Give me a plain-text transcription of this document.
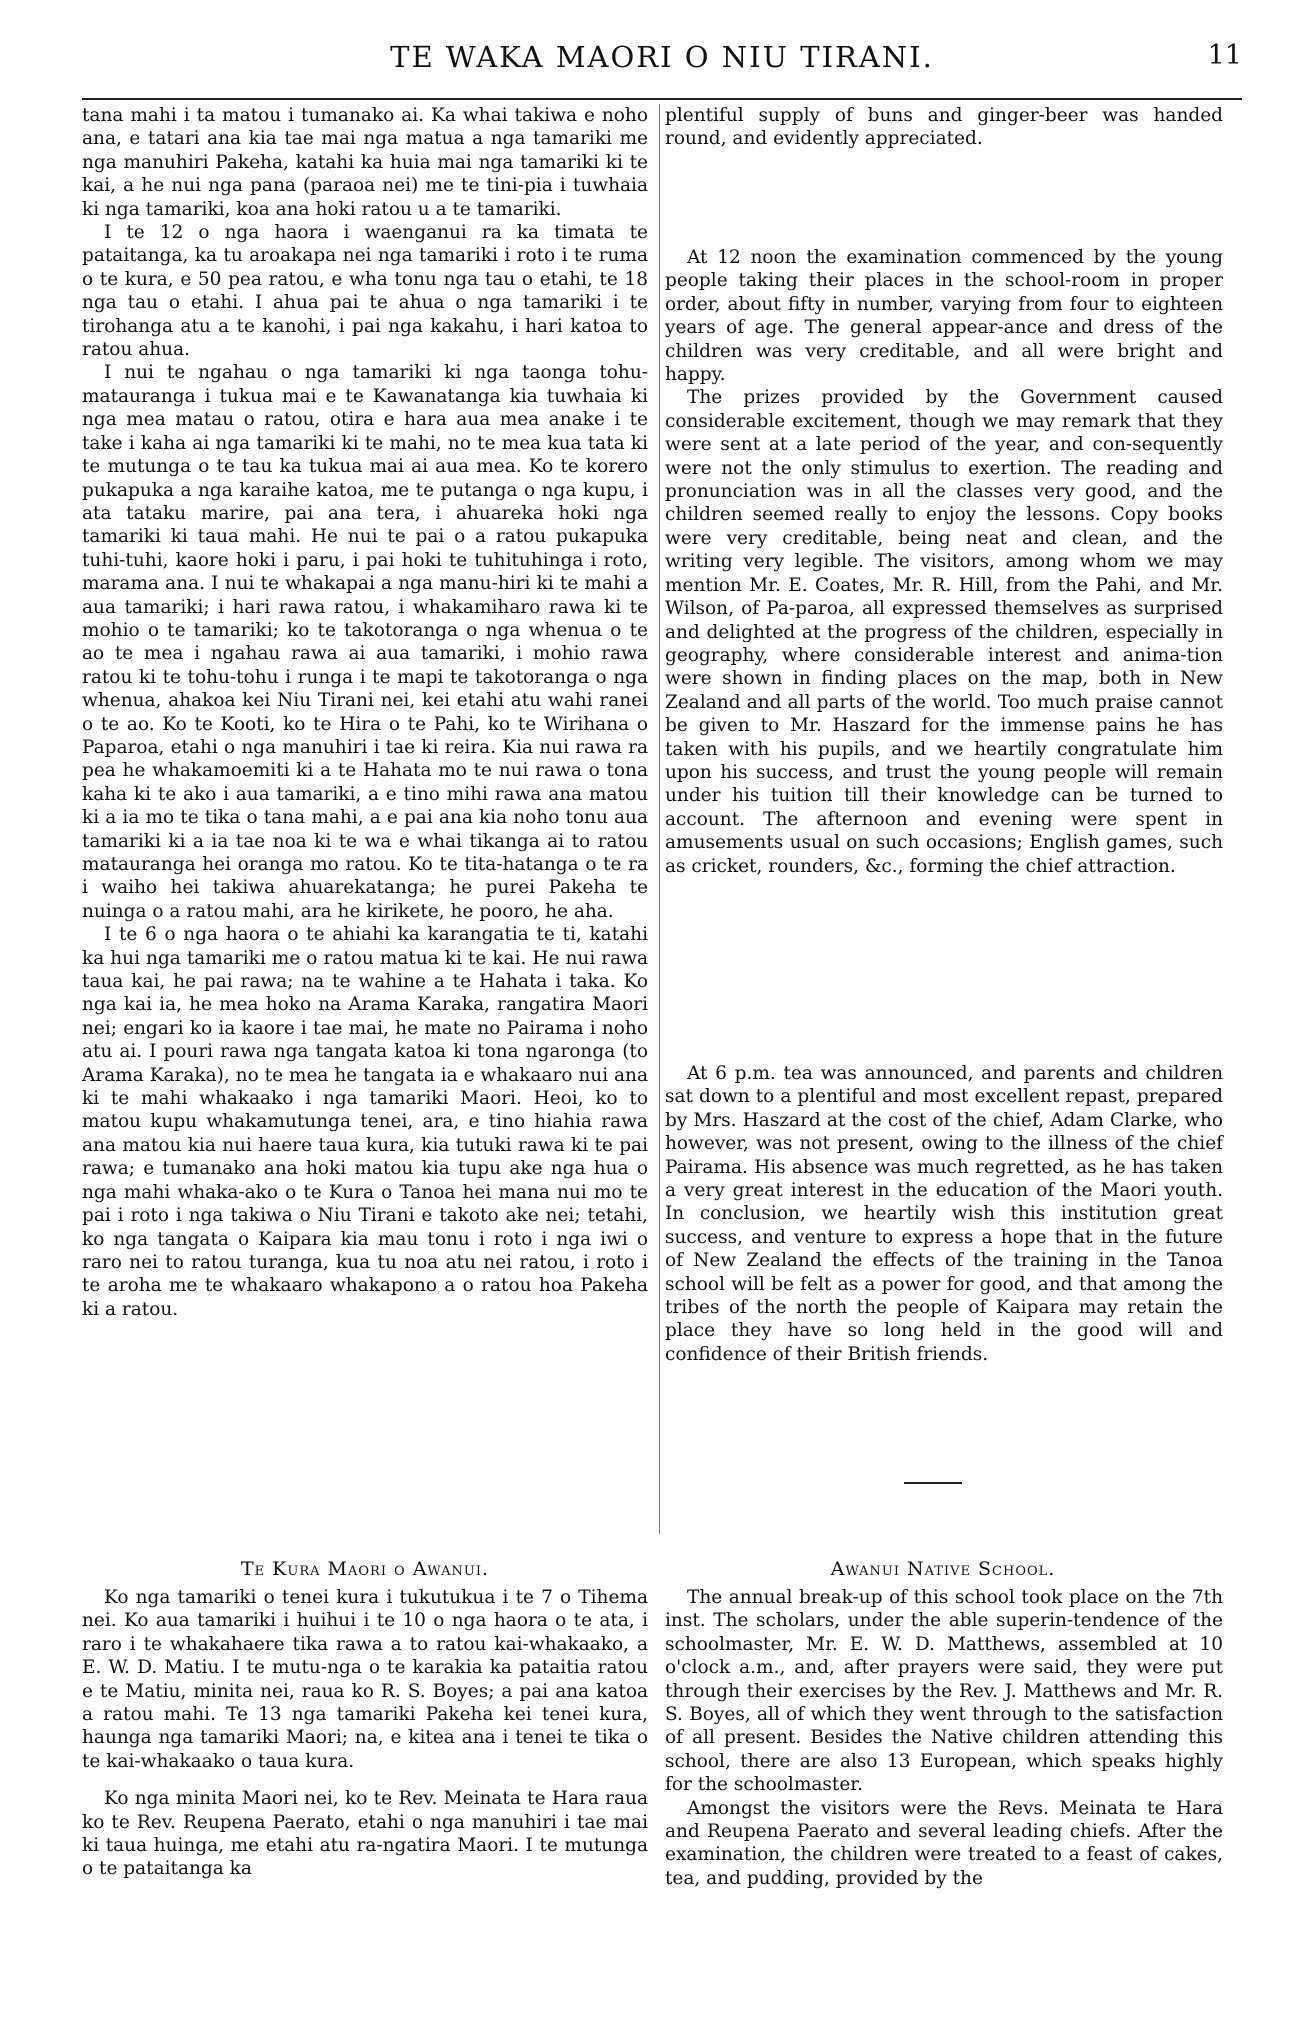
TE WAKA MAORI O NIU TIRANI.	11

tana mahi i ta matou i tumanako ai. Ka whai takiwa e noho ana, e tatari ana kia tae mai nga matua a nga tamariki me nga manuhiri Pakeha, katahi ka huia mai nga tamariki ki te kai, a he nui nga pana (paraoa nei) me te tini-pia i tuwhaia ki nga tamariki, koa ana hoki ratou u a te tamariki.

I te 12 o nga haora i waenganui ra ka timata te pataitanga, ka tu aroakapa nei nga tamariki i roto i te ruma o te kura, e 50 pea ratou, e wha tonu nga tau o etahi, te 18 nga tau o etahi. I ahua pai te ahua o nga tamariki i te tirohanga atu a te kanohi, i pai nga kakahu, i hari katoa to ratou ahua.

I nui te ngahau o nga tamariki ki nga taonga tohu-matauranga i tukua mai e te Kawanatanga kia tuwhaia ki nga mea matau o ratou, otira e hara aua mea anake i te take i kaha ai nga tamariki ki te mahi, no te mea kua tata ki te mutunga o te tau ka tukua mai ai aua mea. Ko te korero pukapuka a nga karaihe katoa, me te putanga o nga kupu, i ata tataku marire, pai ana tera, i ahuareka hoki nga tamariki ki taua mahi. He nui te pai o a ratou pukapuka tuhi-tuhi, kaore hoki i paru, i pai hoki te tuhituhinga i roto, marama ana. I nui te whakapai a nga manu-hiri ki te mahi a aua tamariki; i hari rawa ratou, i whakamiharo rawa ki te mohio o te tamariki; ko te takotoranga o nga whenua o te ao te mea i ngahau rawa ai aua tamariki, i mohio rawa ratou ki te tohu-tohu i runga i te mapi te takotoranga o nga whenua, ahakoa kei Niu Tirani nei, kei etahi atu wahi ranei o te ao. Ko te Kooti, ko te Hira o te Pahi, ko te Wirihana o Paparoa, etahi o nga manuhiri i tae ki reira. Kia nui rawa ra pea he whakamoemiti ki a te Hahata mo te nui rawa o tona kaha ki te ako i aua tamariki, a e tino mihi rawa ana matou ki a ia mo te tika o tana mahi, a e pai ana kia noho tonu aua tamariki ki a ia tae noa ki te wa e whai tikanga ai to ratou matauranga hei oranga mo ratou. Ko te tita-hatanga o te ra i waiho hei takiwa ahuarekatanga; he purei Pakeha te nuinga o a ratou mahi, ara he kirikete, he pooro, he aha.

I te 6 o nga haora o te ahiahi ka karangatia te ti, katahi ka hui nga tamariki me o ratou matua ki te kai. He nui rawa taua kai, he pai rawa; na te wahine a te Hahata i taka. Ko nga kai ia, he mea hoko na Arama Karaka, rangatira Maori nei; engari ko ia kaore i tae mai, he mate no Pairama i noho atu ai. I pouri rawa nga tangata katoa ki tona ngaronga (to Arama Karaka), no te mea he tangata ia e whakaaro nui ana ki te mahi whakaako i nga tamariki Maori. Heoi, ko to matou kupu whakamutunga tenei, ara, e tino hiahia rawa ana matou kia nui haere taua kura, kia tutuki rawa ki te pai rawa; e tumanako ana hoki matou kia tupu ake nga hua o nga mahi whaka-ako o te Kura o Tanoa hei mana nui mo te pai i roto i nga takiwa o Niu Tirani e takoto ake nei; tetahi, ko nga tangata o Kaipara kia mau tonu i roto i nga iwi o raro nei to ratou turanga, kua tu noa atu nei ratou, i roto i te aroha me te whakaaro whakapono a o ratou hoa Pakeha ki a ratou.

Te Kura Maori o Awanui.

Ko nga tamariki o tenei kura i tukutukua i te 7 o Tihema nei. Ko aua tamariki i huihui i te 10 o nga haora o te ata, i raro i te whakahaere tika rawa a to ratou kai-whakaako, a E. W. D. Matiu. I te mutu-nga o te karakia ka pataitia ratou e te Matiu, minita nei, raua ko R. S. Boyes; a pai ana katoa a ratou mahi. Te 13 nga tamariki Pakeha kei tenei kura, haunga nga tamariki Maori; na, e kitea ana i tenei te tika o te kai-whakaako o taua kura.

Ko nga minita Maori nei, ko te Rev. Meinata te Hara raua ko te Rev. Reupena Paerato, etahi o nga manuhiri i tae mai ki taua huinga, me etahi atu ra-ngatira Maori. I te mutunga o te pataitanga ka

plentiful supply of buns and ginger-beer was handed round, and evidently appreciated.

At 12 noon the examination commenced by the young people taking their places in the school-room in proper order, about fifty in number, varying from four to eighteen years of age. The general appear-ance and dress of the children was very creditable, and all were bright and happy.

The prizes provided by the Government caused considerable excitement, though we may remark that they were sent at a late period of the year, and con-sequently were not the only stimulus to exertion. The reading and pronunciation was in all the classes very good, and the children seemed really to enjoy the lessons. Copy books were very creditable, being neat and clean, and the writing very legible. The visitors, among whom we may mention Mr. E. Coates, Mr. R. Hill, from the Pahi, and Mr. Wilson, of Pa-paroa, all expressed themselves as surprised and delighted at the progress of the children, especially in geography, where considerable interest and anima-tion were shown in finding places on the map, both in New Zealand and all parts of the world. Too much praise cannot be given to Mr. Haszard for the immense pains he has taken with his pupils, and we heartily congratulate him upon his success, and trust the young people will remain under his tuition till their knowledge can be turned to account. The afternoon and evening were spent in amusements usual on such occasions; English games, such as cricket, rounders, &c., forming the chief attraction.

At 6 p.m. tea was announced, and parents and children sat down to a plentiful and most excellent repast, prepared by Mrs. Haszard at the cost of the chief, Adam Clarke, who however, was not present, owing to the illness of the chief Pairama. His absence was much regretted, as he has taken a very great interest in the education of the Maori youth. In conclusion, we heartily wish this institution great success, and venture to express a hope that in the future of New Zealand the effects of the training in the Tanoa school will be felt as a power for good, and that among the tribes of the north the people of Kaipara may retain the place they have so long held in the good will and confidence of their British friends.

Awanui Native School.

The annual break-up of this school took place on the 7th inst. The scholars, under the able superin-tendence of the schoolmaster, Mr. E. W. D. Matthews, assembled at 10 o'clock a.m., and, after prayers were said, they were put through their exercises by the Rev. J. Matthews and Mr. R. S. Boyes, all of which they went through to the satisfaction of all present. Besides the Native children attending this school, there are also 13 European, which speaks highly for the schoolmaster.

Amongst the visitors were the Revs. Meinata te Hara and Reupena Paerato and several leading chiefs. After the examination, the children were treated to a feast of cakes, tea, and pudding, provided by the
